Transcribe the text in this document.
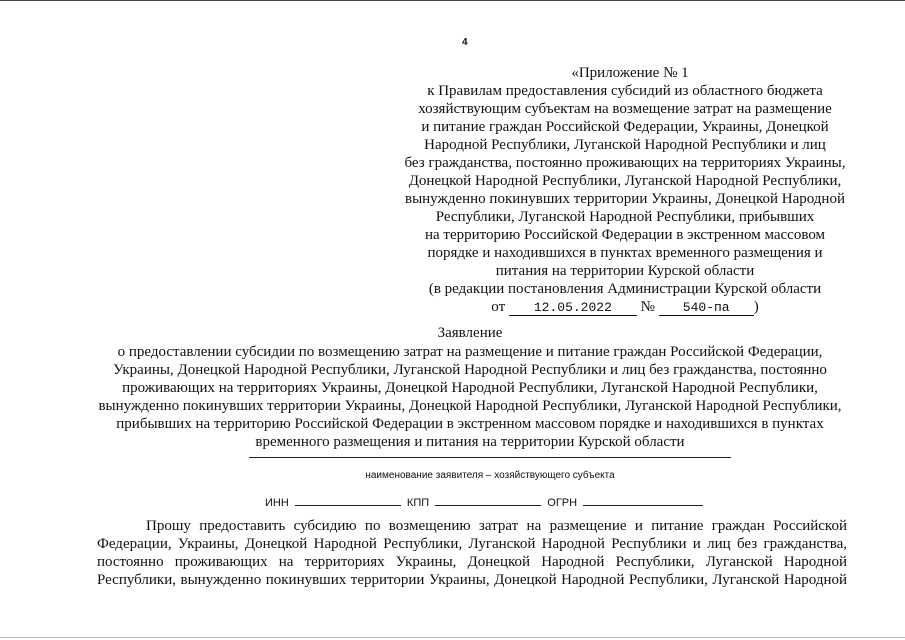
4
«Приложение № 1
к Правилам предоставления субсидий из областного бюджета
хозяйствующим субъектам на возмещение затрат на размещение
и питание граждан Российской Федерации, Украины, Донецкой
Народной Республики, Луганской Народной Республики и лиц
без гражданства, постоянно проживающих на территориях Украины,
Донецкой Народной Республики, Луганской Народной Республики,
вынужденно покинувших территории Украины, Донецкой Народной
Республики, Луганской Народной Республики, прибывших
на территорию Российской Федерации в экстренном массовом
порядке и находившихся в пунктах временного размещения и
питания на территории Курской области
(в редакции постановления Администрации Курской области
от 12.05.2022 № 540-па )
Заявление
о предоставлении субсидии по возмещению затрат на размещение и питание граждан Российской Федерации,
Украины, Донецкой Народной Республики, Луганской Народной Республики и лиц без гражданства, постоянно
проживающих на территориях Украины, Донецкой Народной Республики, Луганской Народной Республики,
вынужденно покинувших территории Украины, Донецкой Народной Республики, Луганской Народной Республики,
прибывших на территорию Российской Федерации в экстренном массовом порядке и находившихся в пунктах
временного размещения и питания на территории Курской области
наименование заявителя – хозяйствующего субъекта
ИНН	КПП	ОГРН
Прошу предоставить субсидию по возмещению затрат на размещение и питание граждан Российской
Федерации, Украины, Донецкой Народной Республики, Луганской Народной Республики и лиц без гражданства,
постоянно проживающих на территориях Украины, Донецкой Народной Республики, Луганской Народной
Республики, вынужденно покинувших территории Украины, Донецкой Народной Республики, Луганской Народной
